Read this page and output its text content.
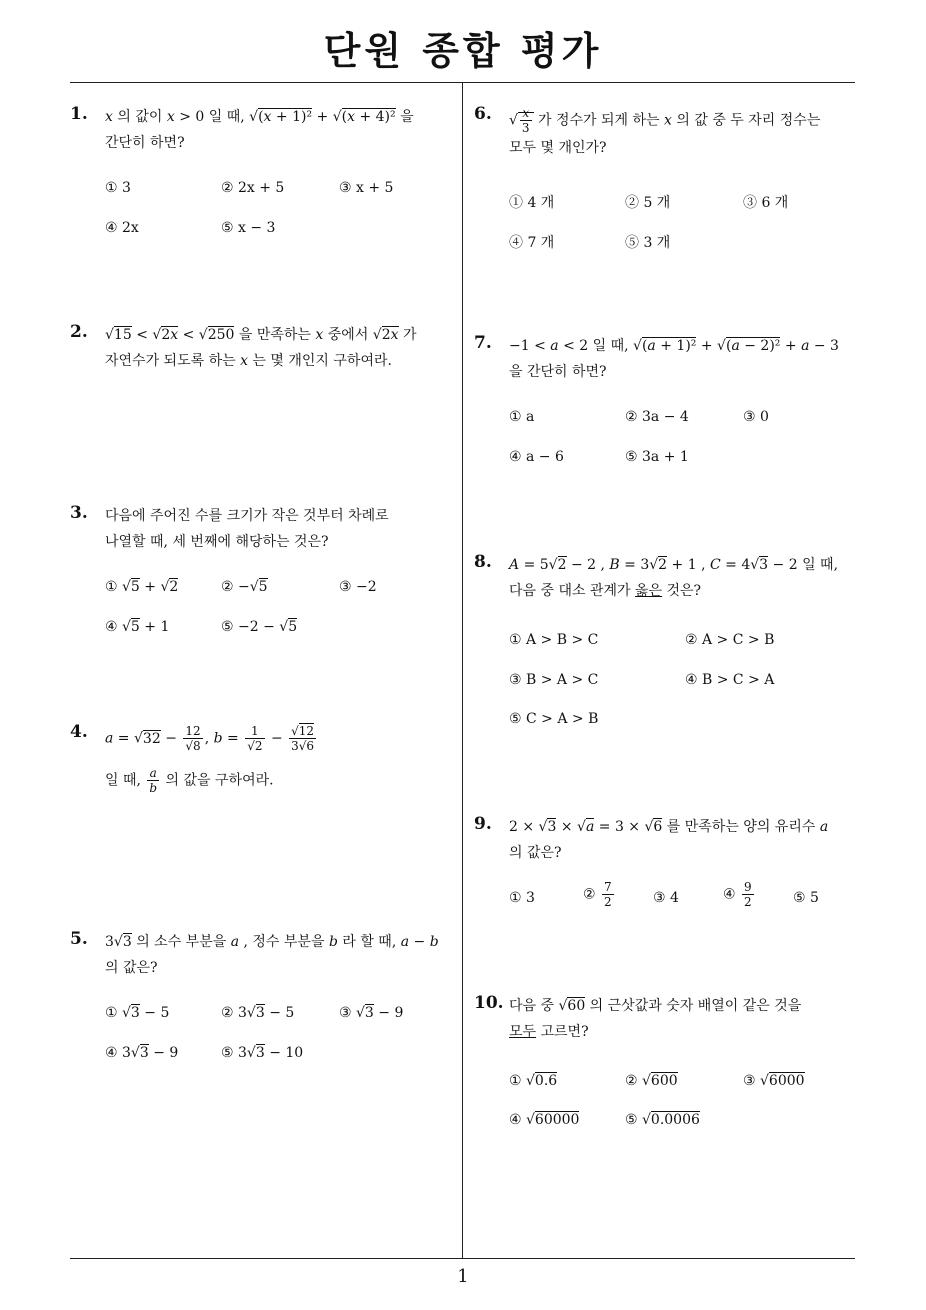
단원 종합 평가
1. x 의 값이 x > 0 일 때, √(x + 1)² + √(x + 4)² 을
간단히 하면?
① 3	② 2x + 5	③ x + 5
④ 2x	⑤ x − 3
2. √15 < √2x < √250 을 만족하는 x 중에서 √2x 가
자연수가 되도록 하는 x 는 몇 개인지 구하여라.
3. 다음에 주어진 수를 크기가 작은 것부터 차례로
나열할 때, 세 번째에 해당하는 것은?
① √5 + √2	② −√5	③ −2
④ √5 + 1	⑤ −2 − √5
4. $a = √32 - \frac{12}{√8}$ , $b = \frac{1}{√2} - \frac{√12}{3√6}$
일 때, $\frac{a}{b}$ 의 값을 구하여라.
5. 3√3 의 소수 부분을 a , 정수 부분을 b 라 할 때, a − b
의 값은?
① √3 − 5	② 3√3 − 5	③ √3 − 9
④ 3√3 − 9	⑤ 3√3 − 10
6. √ $\frac{x}{3}$ 가 정수가 되게 하는 x 의 값 중 두 자리 정수는
모두 몇 개인가?
① 4 개	② 5 개	③ 6 개
④ 7 개	⑤ 3 개
7. −1 < a < 2 일 때, √(a + 1)² + √(a − 2)² + a − 3
을 간단히 하면?
① a	② 3a − 4	③ 0
④ a − 6	⑤ 3a + 1
8. A = 5√2 − 2 , B = 3√2 + 1 , C = 4√3 − 2 일 때,
다음 중 대소 관계가 옳은 것은?
① A > B > C	② A > C > B
③ B > A > C	④ B > C > A
⑤ C > A > B
9. 2 × √3 × √a = 3 × √6 를 만족하는 양의 유리수 a
의 값은?
① 3	② $\frac{7}{2}$	③ 4	④ $\frac{9}{2}$	⑤ 5
10. 다음 중 √60 의 근삿값과 숫자 배열이 같은 것을
모두 고르면?
① √0.6	② √600	③ √6000
④ √60000	⑤ √0.0006
1
